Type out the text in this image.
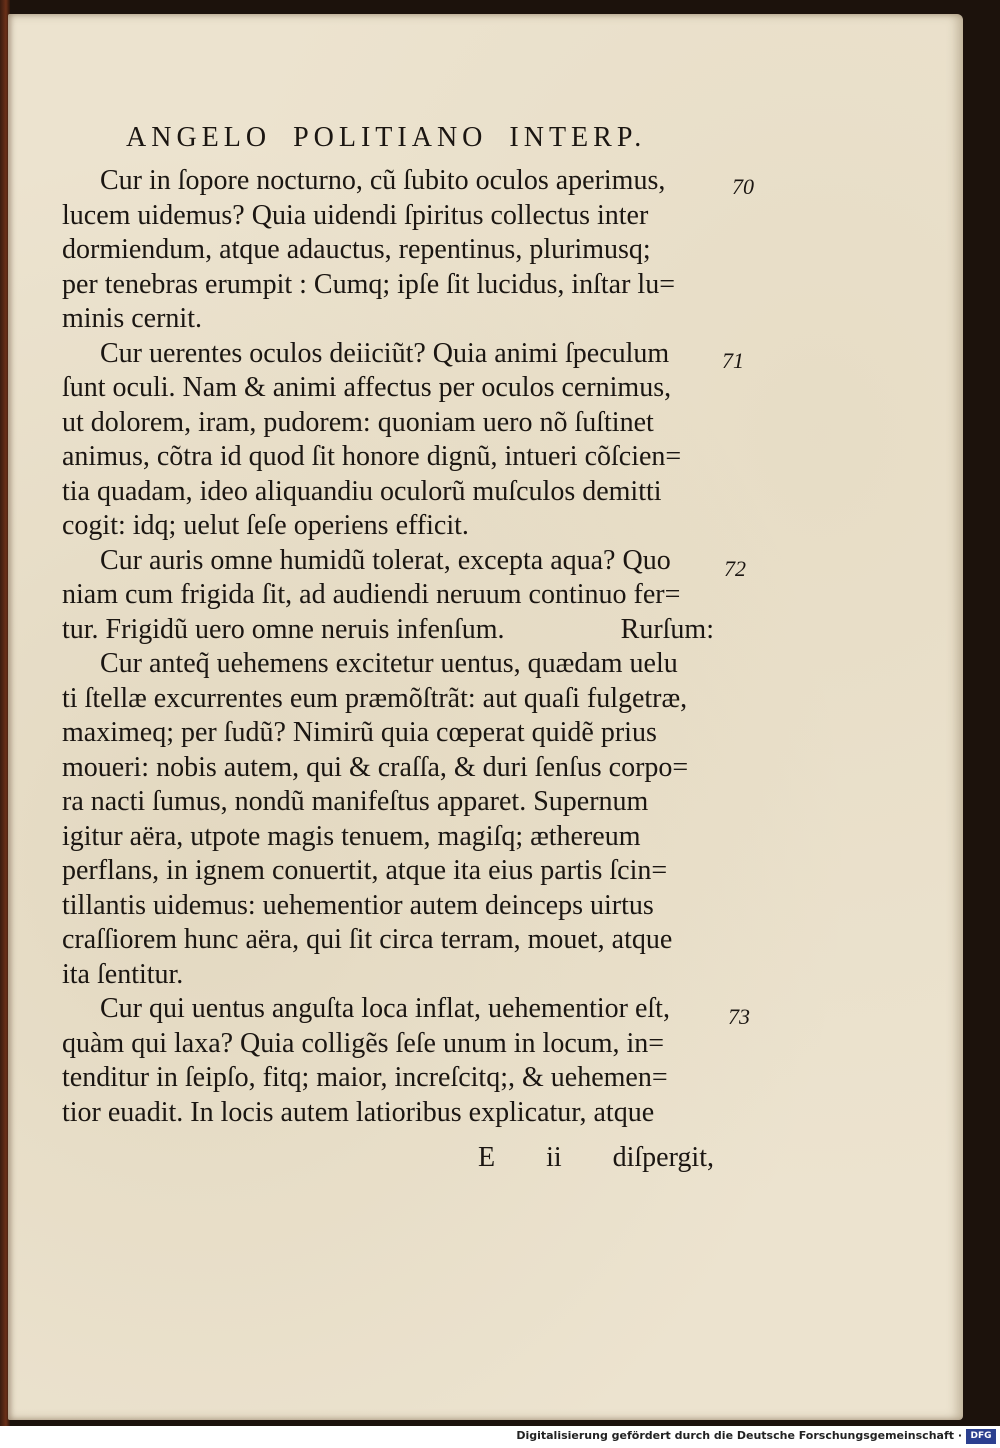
ANGELO POLITIANO INTERP.
70
71
72
73
Cur in ſopore nocturno, cũ ſubito oculos aperimus,
lucem uidemus? Quia uidendi ſpiritus collectus inter
dormiendum, atque adauctus, repentinus, plurimusq;
per tenebras erumpit : Cumq; ipſe ſit lucidus, inſtar lu=
minis cernit.
Cur uerentes oculos deiiciũt? Quia animi ſpeculum
ſunt oculi. Nam & animi affectus per oculos cernimus,
ut dolorem, iram, pudorem: quoniam uero nõ ſuſtinet
animus, cõtra id quod ſit honore dignũ, intueri cõſcien=
tia quadam, ideo aliquandiu oculorũ muſculos demitti
cogit: idq; uelut ſeſe operiens efficit.
Cur auris omne humidũ tolerat, excepta aqua? Quo
niam cum frigida ſit, ad audiendi neruum continuo fer=
tur. Frigidũ uero omne neruis infenſum.	Rurſum:
Cur anteq̃ uehemens excitetur uentus, quædam uelu
ti ſtellæ excurrentes eum præmõſtrãt: aut quaſi fulgetræ,
maximeq; per ſudũ? Nimirũ quia cœperat quidẽ prius
moueri: nobis autem, qui & craſſa, & duri ſenſus corpo=
ra nacti ſumus, nondũ manifeſtus apparet. Supernum
igitur aëra, utpote magis tenuem, magiſq; æthereum
perflans, in ignem conuertit, atque ita eius partis ſcin=
tillantis uidemus: uehementior autem deinceps uirtus
craſſiorem hunc aëra, qui ſit circa terram, mouet, atque
ita ſentitur.
Cur qui uentus anguſta loca inflat, uehementior eſt,
quàm qui laxa? Quia colligẽs ſeſe unum in locum, in=
tenditur in ſeipſo, fitq; maior, increſcitq;, & uehemen=
tior euadit. In locis autem latioribus explicatur, atque
E ii diſpergit,
Digitalisierung gefördert durch die Deutsche Forschungsgemeinschaft · DFG
